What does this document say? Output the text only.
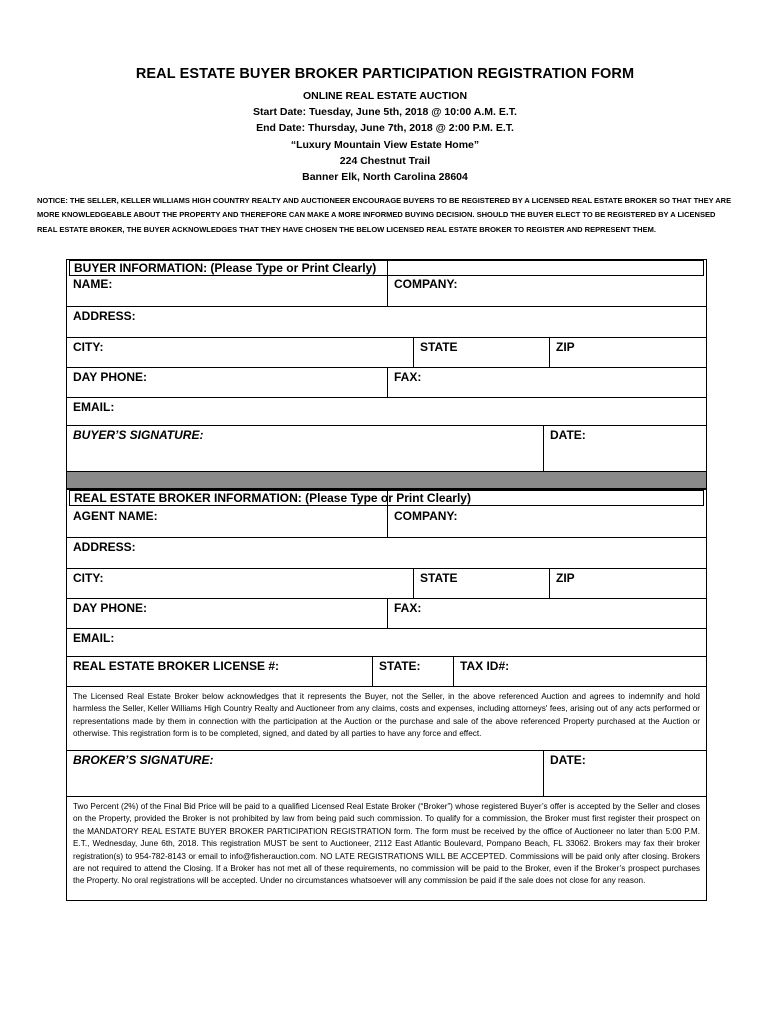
REAL ESTATE BUYER BROKER PARTICIPATION REGISTRATION FORM
ONLINE REAL ESTATE AUCTION
Start Date: Tuesday, June 5th, 2018 @ 10:00 A.M. E.T.
End Date: Thursday, June 7th, 2018 @ 2:00 P.M. E.T.
“Luxury Mountain View Estate Home”
224 Chestnut Trail
Banner Elk, North Carolina 28604
NOTICE: THE SELLER, KELLER WILLIAMS HIGH COUNTRY REALTY AND AUCTIONEER ENCOURAGE BUYERS TO BE REGISTERED BY A LICENSED REAL ESTATE BROKER SO THAT THEY ARE MORE KNOWLEDGEABLE ABOUT THE PROPERTY AND THEREFORE CAN MAKE A MORE INFORMED BUYING DECISION. SHOULD THE BUYER ELECT TO BE REGISTERED BY A LICENSED REAL ESTATE BROKER, THE BUYER ACKNOWLEDGES THAT THEY HAVE CHOSEN THE BELOW LICENSED REAL ESTATE BROKER TO REGISTER AND REPRESENT THEM.
BUYER INFORMATION: (Please Type or Print Clearly)
NAME:	COMPANY:
ADDRESS:
CITY:	STATE	ZIP
DAY PHONE:	FAX:
EMAIL:
BUYER’S SIGNATURE:	DATE:
REAL ESTATE BROKER INFORMATION: (Please Type or Print Clearly)
AGENT NAME:	COMPANY:
ADDRESS:
CITY:	STATE	ZIP
DAY PHONE:	FAX:
EMAIL:
REAL ESTATE BROKER LICENSE #:	STATE:	TAX ID#:
The Licensed Real Estate Broker below acknowledges that it represents the Buyer, not the Seller, in the above referenced Auction and agrees to indemnify and hold harmless the Seller, Keller Williams High Country Realty and Auctioneer from any claims, costs and expenses, including attorneys' fees, arising out of any acts performed or representations made by them in connection with the participation at the Auction or the purchase and sale of the above referenced Property purchased at the Auction or otherwise. This registration form is to be completed, signed, and dated by all parties to have any force and effect.
BROKER’S SIGNATURE:	DATE:
Two Percent (2%) of the Final Bid Price will be paid to a qualified Licensed Real Estate Broker (“Broker”) whose registered Buyer’s offer is accepted by the Seller and closes on the Property, provided the Broker is not prohibited by law from being paid such commission. To qualify for a commission, the Broker must first register their prospect on the MANDATORY REAL ESTATE BUYER BROKER PARTICIPATION REGISTRATION form. The form must be received by the office of Auctioneer no later than 5:00 P.M. E.T., Wednesday, June 6th, 2018. This registration MUST be sent to Auctioneer, 2112 East Atlantic Boulevard, Pompano Beach, FL 33062. Brokers may fax their broker registration(s) to 954-782-8143 or email to info@fisherauction.com. NO LATE REGISTRATIONS WILL BE ACCEPTED. Commissions will be paid only after closing. Brokers are not required to attend the Closing. If a Broker has not met all of these requirements, no commission will be paid to the Broker, even if the Broker’s prospect purchases the Property. No oral registrations will be accepted. Under no circumstances whatsoever will any commission be paid if the sale does not close for any reason.
